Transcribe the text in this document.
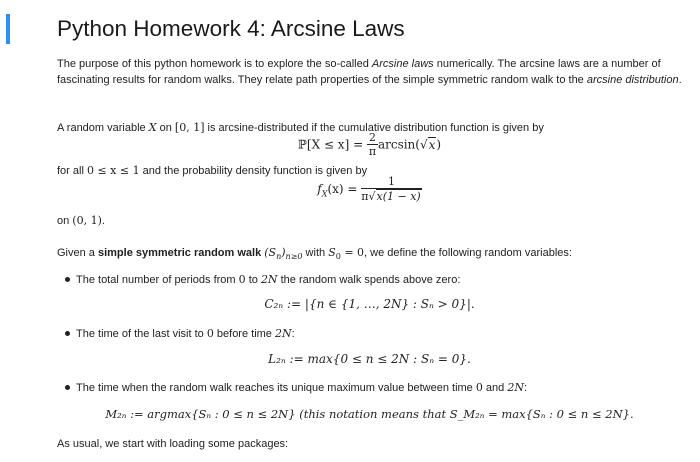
Python Homework 4: Arcsine Laws

The purpose of this python homework is to explore the so-called Arcsine laws numerically. The arcsine laws are a number of fascinating results for random walks. They relate path properties of the simple symmetric random walk to the arcsine distribution.

A random variable X on [0, 1] is arcsine-distributed if the cumulative distribution function is given by

ℙ[X ≤ $x] = \frac{2}{\pi} \arcsin(√x)$

for all 0 ≤ x ≤ 1 and the probability density function is given by

$f_X(x) = \frac{1}{\pi√x(1 - x)}$

on (0, 1).

Given a simple symmetric random walk $(S_n)_{n\ge 0}$ with $S_0 = 0$, we define the following random variables:

The total number of periods from 0 to 2N the random walk spends above zero:
C₂ₙ := |{n ∈ {1, …, 2N} : Sₙ > 0}|.
The time of the last visit to 0 before time 2N:
L₂ₙ := max{0 ≤ n ≤ 2N : Sₙ = 0}.
The time when the random walk reaches its unique maximum value between time 0 and 2N:
M₂ₙ := argmax{Sₙ : 0 ≤ n ≤ 2N} (this notation means that S_M₂ₙ = max{Sₙ : 0 ≤ n ≤ 2N}.

As usual, we start with loading some packages:
